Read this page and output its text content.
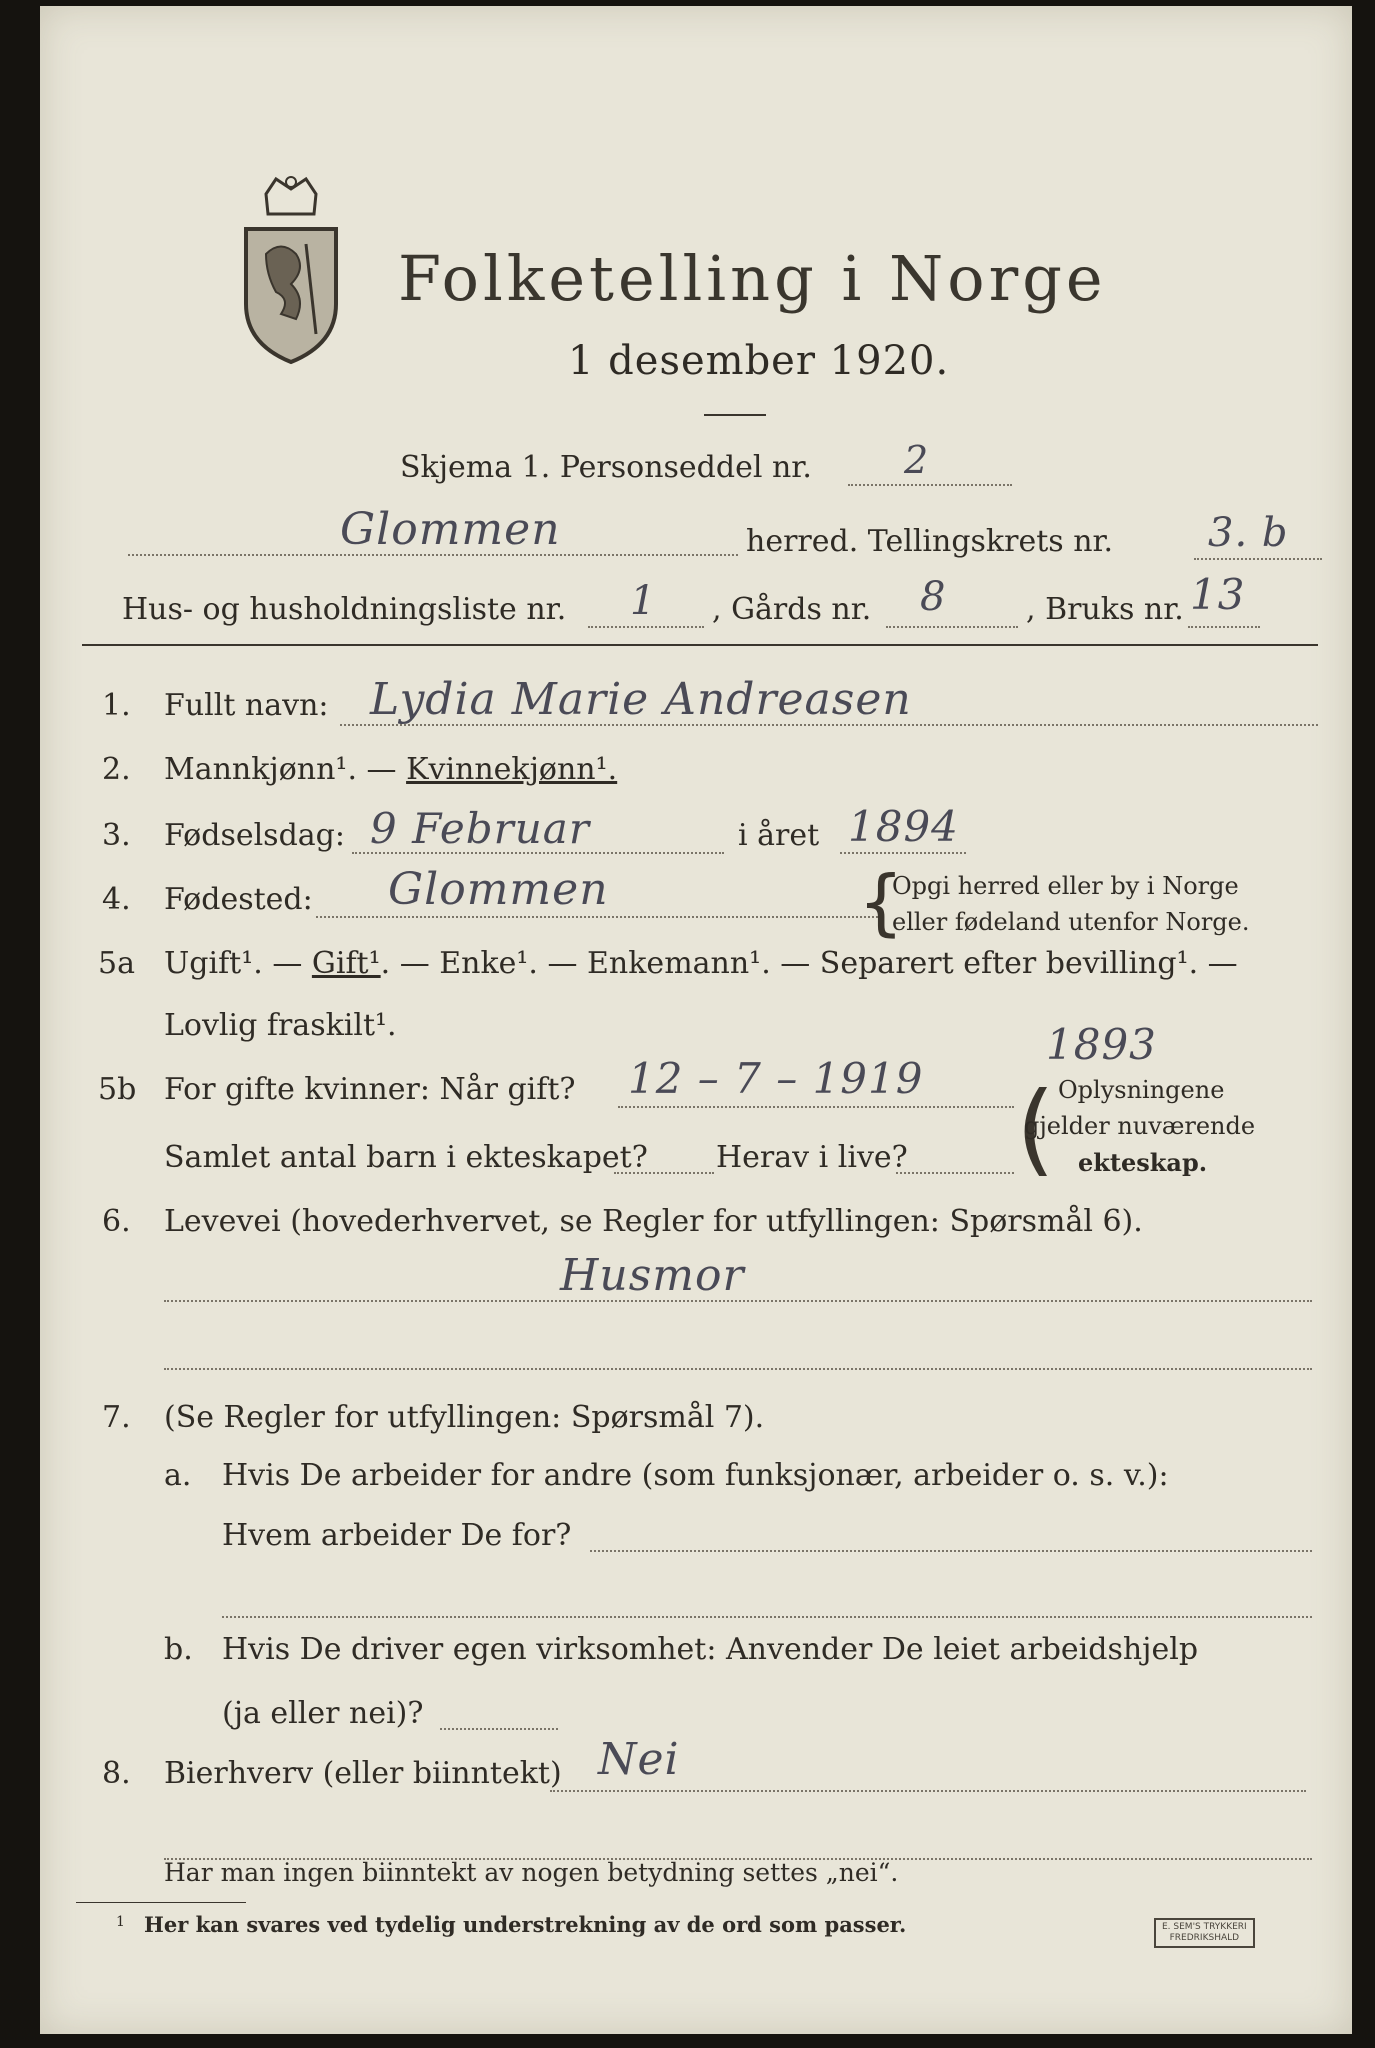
Folketelling i Norge
1 desember 1920.
Skjema 1. Personseddel nr. 2
Glommen	herred. Tellingskrets nr. 3. b
Hus- og husholdningsliste nr. 1 , Gårds nr. 8	, Bruks nr. 13
1. Fullt navn: Lydia Marie Andreasen
2. Mannkjønn¹. — Kvinnekjønn¹.
3. Fødselsdag: 9 Februar	i året 1894
4. Fødested: Glommen	{
Opgi herred eller by i Norge
eller fødeland utenfor Norge.
5a Ugift¹. — Gift¹. — Enke¹. — Enkemann¹. — Separert efter bevilling¹. —
Lovlig fraskilt¹.	1893
5b For gifte kvinner: Når gift? 12 – 7 – 1919
Samlet antal barn i ekteskapet? Herav i live? ( Oplysningene
gjelder nuværende
ekteskap.
6. Levevei (hovederhvervet, se Regler for utfyllingen: Spørsmål 6).
Husmor
7. (Se Regler for utfyllingen: Spørsmål 7).
a. Hvis De arbeider for andre (som funksjonær, arbeider o. s. v.):
Hvem arbeider De for?
b. Hvis De driver egen virksomhet: Anvender De leiet arbeidshjelp
(ja eller nei)?
8. Bierhverv (eller biinntekt) Nei
Har man ingen biinntekt av nogen betydning settes „nei“.
1 Her kan svares ved tydelig understrekning av de ord som passer.	E. SEM'S TRYKKERI
FREDRIKSHALD
